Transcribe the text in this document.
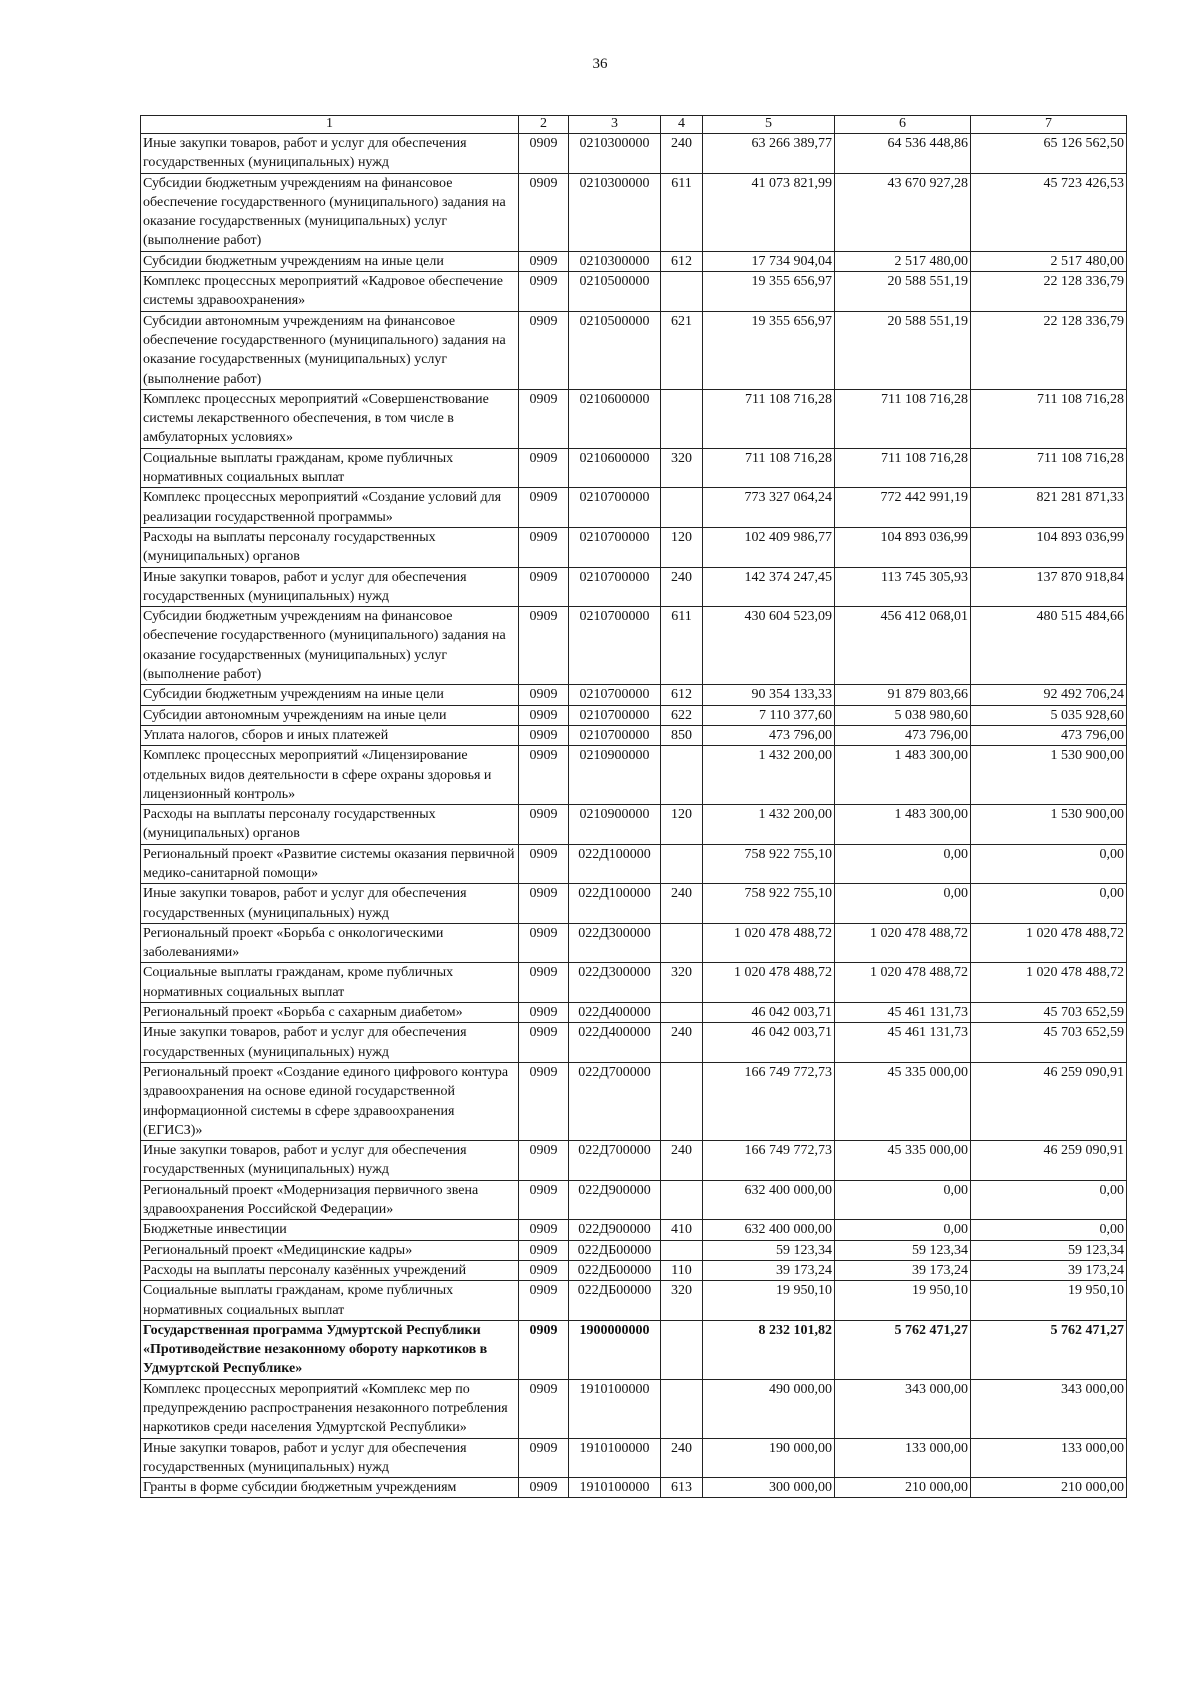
36
1	2	3	4	5	6	7
Иные закупки товаров, работ и услуг для обеспечения государственных (муниципальных) нужд	0909	0210300000	240	63 266 389,77	64 536 448,86	65 126 562,50
Субсидии бюджетным учреждениям на финансовое обеспечение государственного (муниципального) задания на оказание государственных (муниципальных) услуг (выполнение работ)	0909	0210300000	611	41 073 821,99	43 670 927,28	45 723 426,53
Субсидии бюджетным учреждениям на иные цели	0909	0210300000	612	17 734 904,04	2 517 480,00	2 517 480,00
Комплекс процессных мероприятий «Кадровое обеспечение системы здравоохранения»	0909	0210500000		19 355 656,97	20 588 551,19	22 128 336,79
Субсидии автономным учреждениям на финансовое обеспечение государственного (муниципального) задания на оказание государственных (муниципальных) услуг (выполнение работ)	0909	0210500000	621	19 355 656,97	20 588 551,19	22 128 336,79
Комплекс процессных мероприятий «Совершенствование системы лекарственного обеспечения, в том числе в амбулаторных условиях»	0909	0210600000		711 108 716,28	711 108 716,28	711 108 716,28
Социальные выплаты гражданам, кроме публичных нормативных социальных выплат	0909	0210600000	320	711 108 716,28	711 108 716,28	711 108 716,28
Комплекс процессных мероприятий «Создание условий для реализации государственной программы»	0909	0210700000		773 327 064,24	772 442 991,19	821 281 871,33
Расходы на выплаты персоналу государственных (муниципальных) органов	0909	0210700000	120	102 409 986,77	104 893 036,99	104 893 036,99
Иные закупки товаров, работ и услуг для обеспечения государственных (муниципальных) нужд	0909	0210700000	240	142 374 247,45	113 745 305,93	137 870 918,84
Субсидии бюджетным учреждениям на финансовое обеспечение государственного (муниципального) задания на оказание государственных (муниципальных) услуг (выполнение работ)	0909	0210700000	611	430 604 523,09	456 412 068,01	480 515 484,66
Субсидии бюджетным учреждениям на иные цели	0909	0210700000	612	90 354 133,33	91 879 803,66	92 492 706,24
Субсидии автономным учреждениям на иные цели	0909	0210700000	622	7 110 377,60	5 038 980,60	5 035 928,60
Уплата налогов, сборов и иных платежей	0909	0210700000	850	473 796,00	473 796,00	473 796,00
Комплекс процессных мероприятий «Лицензирование отдельных видов деятельности в сфере охраны здоровья и лицензионный контроль»	0909	0210900000		1 432 200,00	1 483 300,00	1 530 900,00
Расходы на выплаты персоналу государственных (муниципальных) органов	0909	0210900000	120	1 432 200,00	1 483 300,00	1 530 900,00
Региональный проект «Развитие системы оказания первичной медико-санитарной помощи»	0909	022Д100000		758 922 755,10	0,00	0,00
Иные закупки товаров, работ и услуг для обеспечения государственных (муниципальных) нужд	0909	022Д100000	240	758 922 755,10	0,00	0,00
Региональный проект «Борьба с онкологическими заболеваниями»	0909	022Д300000		1 020 478 488,72	1 020 478 488,72	1 020 478 488,72
Социальные выплаты гражданам, кроме публичных нормативных социальных выплат	0909	022Д300000	320	1 020 478 488,72	1 020 478 488,72	1 020 478 488,72
Региональный проект «Борьба с сахарным диабетом»	0909	022Д400000		46 042 003,71	45 461 131,73	45 703 652,59
Иные закупки товаров, работ и услуг для обеспечения государственных (муниципальных) нужд	0909	022Д400000	240	46 042 003,71	45 461 131,73	45 703 652,59
Региональный проект «Создание единого цифрового контура здравоохранения на основе единой государственной информационной системы в сфере здравоохранения (ЕГИСЗ)»	0909	022Д700000		166 749 772,73	45 335 000,00	46 259 090,91
Иные закупки товаров, работ и услуг для обеспечения государственных (муниципальных) нужд	0909	022Д700000	240	166 749 772,73	45 335 000,00	46 259 090,91
Региональный проект «Модернизация первичного звена здравоохранения Российской Федерации»	0909	022Д900000		632 400 000,00	0,00	0,00
Бюджетные инвестиции	0909	022Д900000	410	632 400 000,00	0,00	0,00
Региональный проект «Медицинские кадры»	0909	022ДБ00000		59 123,34	59 123,34	59 123,34
Расходы на выплаты персоналу казённых учреждений	0909	022ДБ00000	110	39 173,24	39 173,24	39 173,24
Социальные выплаты гражданам, кроме публичных нормативных социальных выплат	0909	022ДБ00000	320	19 950,10	19 950,10	19 950,10
Государственная программа Удмуртской Республики «Противодействие незаконному обороту наркотиков в Удмуртской Республике»	0909	1900000000		8 232 101,82	5 762 471,27	5 762 471,27
Комплекс процессных мероприятий «Комплекс мер по предупреждению распространения незаконного потребления наркотиков среди населения Удмуртской Республики»	0909	1910100000		490 000,00	343 000,00	343 000,00
Иные закупки товаров, работ и услуг для обеспечения государственных (муниципальных) нужд	0909	1910100000	240	190 000,00	133 000,00	133 000,00
Гранты в форме субсидии бюджетным учреждениям	0909	1910100000	613	300 000,00	210 000,00	210 000,00
